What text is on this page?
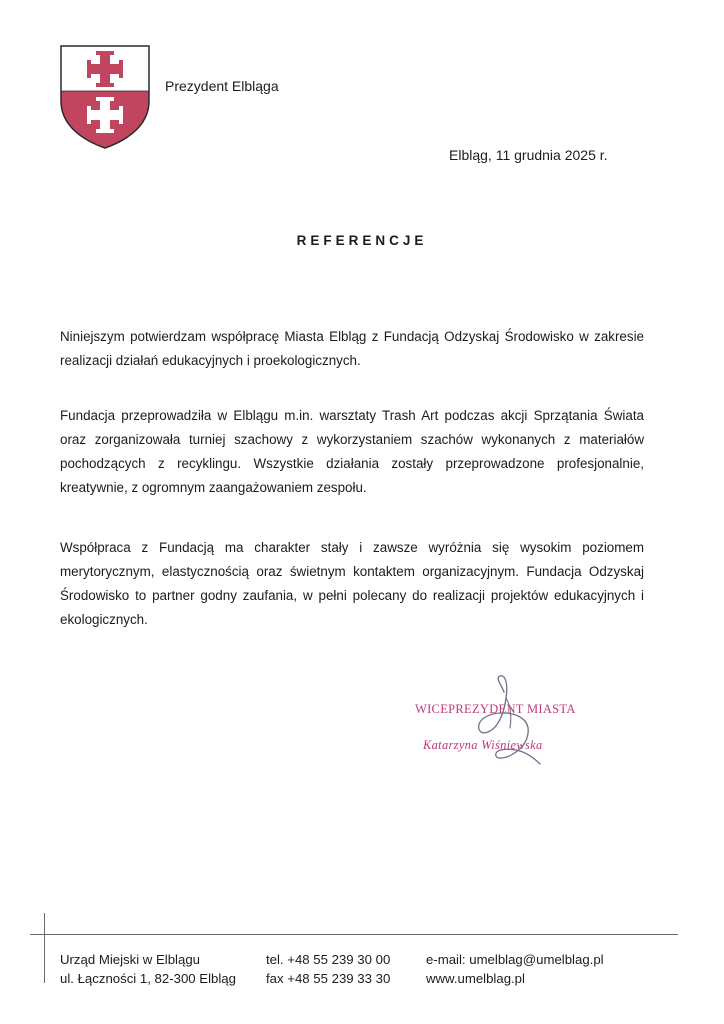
Prezydent Elbląga
Elbląg, 11 grudnia 2025 r.
REFERENCJE
Niniejszym potwierdzam współpracę Miasta Elbląg z Fundacją Odzyskaj Środowisko w zakresie realizacji działań edukacyjnych i proekologicznych.
Fundacja przeprowadziła w Elblągu m.in. warsztaty Trash Art podczas akcji Sprzątania Świata oraz zorganizowała turniej szachowy z wykorzystaniem szachów wykonanych z materiałów pochodzących z recyklingu. Wszystkie działania zostały przeprowadzone profesjonalnie, kreatywnie, z ogromnym zaangażowaniem zespołu.
Współpraca z Fundacją ma charakter stały i zawsze wyróżnia się wysokim poziomem merytorycznym, elastycznością oraz świetnym kontaktem organizacyjnym. Fundacja Odzyskaj Środowisko to partner godny zaufania, w pełni polecany do realizacji projektów edukacyjnych i ekologicznych.
WICEPREZYDENT MIASTA
Katarzyna Wiśniewska
Urząd Miejski w Elblągu
ul. Łączności 1, 82-300 Elbląg
tel. +48 55 239 30 00
fax +48 55 239 33 30
e-mail: umelblag@umelblag.pl
www.umelblag.pl
